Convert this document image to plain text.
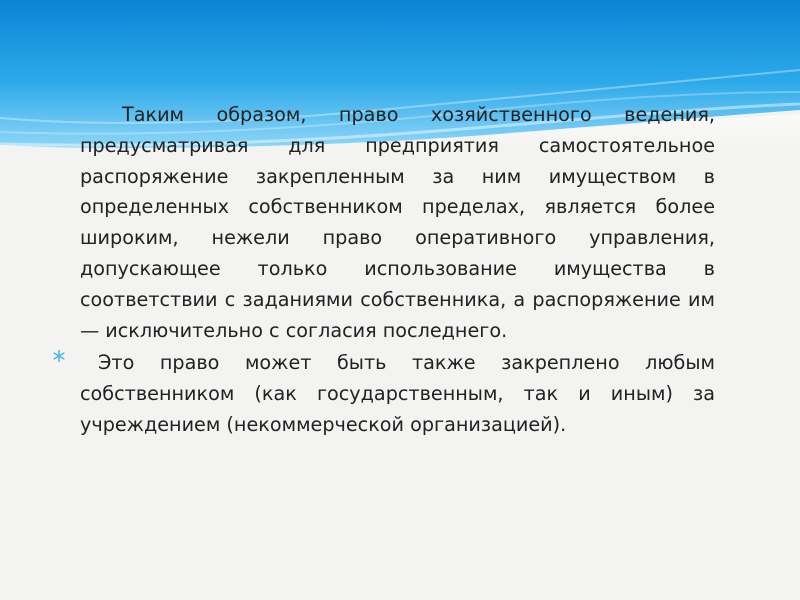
Таким образом, право хозяйственного ведения, предусматривая для предприятия самостоятельное распоряжение закрепленным за ним имуществом в определенных собственником пределах, является более широким, нежели право оперативного управления, допускающее только использование имущества в соответствии с заданиями собственника, а распоряжение им — исключительно с согласия последнего.

Это право может быть также закреплено любым собственником (как государственным, так и иным) за учреждением (некоммерческой организацией).
